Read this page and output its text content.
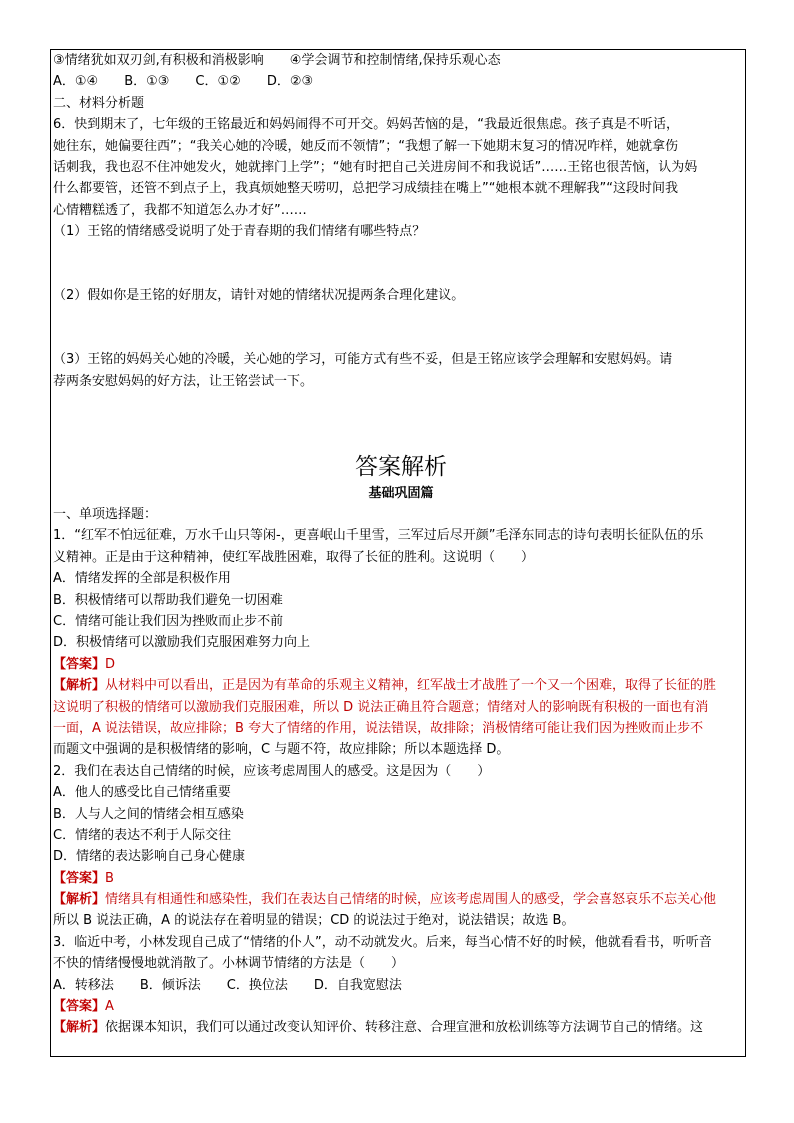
③情绪犹如双刃剑,有积极和消极影响　　④学会调节和控制情绪,保持乐观心态
A．①④　　B．①③　　C．①②　　D．②③
二、材料分析题
6．快到期末了，七年级的王铭最近和妈妈闹得不可开交。妈妈苦恼的是，“我最近很焦虑。孩子真是不听话，
她往东，她偏要往西”；“我关心她的冷暖，她反而不领情”；“我想了解一下她期末复习的情况咋样，她就拿伤
话刺我，我也忍不住冲她发火，她就摔门上学”；“她有时把自己关进房间不和我说话”……王铭也很苦恼，认为妈
什么都要管，还管不到点子上，我真烦她整天唠叨，总把学习成绩挂在嘴上”“她根本就不理解我”“这段时间我
心情糟糕透了，我都不知道怎么办才好”……
（1）王铭的情绪感受说明了处于青春期的我们情绪有哪些特点？
（2）假如你是王铭的好朋友，请针对她的情绪状况提两条合理化建议。
（3）王铭的妈妈关心她的冷暖，关心她的学习，可能方式有些不妥，但是王铭应该学会理解和安慰妈妈。请
荐两条安慰妈妈的好方法，让王铭尝试一下。
答案解析
基础巩固篇
一、单项选择题：
1．“红军不怕远征难，万水千山只等闲-，更喜岷山千里雪，三军过后尽开颜”毛泽东同志的诗句表明长征队伍的乐
义精神。正是由于这种精神，使红军战胜困难，取得了长征的胜利。这说明（　　）
A．情绪发挥的全部是积极作用
B．积极情绪可以帮助我们避免一切困难
C．情绪可能让我们因为挫败而止步不前
D．积极情绪可以激励我们克服困难努力向上
【答案】D
【解析】从材料中可以看出，正是因为有革命的乐观主义精神，红军战士才战胜了一个又一个困难，取得了长征的胜
这说明了积极的情绪可以激励我们克服困难，所以 D 说法正确且符合题意；情绪对人的影响既有积极的一面也有消
一面，A 说法错误，故应排除；B 夸大了情绪的作用，说法错误，故排除；消极情绪可能让我们因为挫败而止步不
而题文中强调的是积极情绪的影响，C 与题不符，故应排除；所以本题选择 D。
2．我们在表达自己情绪的时候，应该考虑周围人的感受。这是因为（　　）
A．他人的感受比自己情绪重要
B．人与人之间的情绪会相互感染
C．情绪的表达不利于人际交往
D．情绪的表达影响自己身心健康
【答案】B
【解析】情绪具有相通性和感染性，我们在表达自己情绪的时候，应该考虑周围人的感受，学会喜怒哀乐不忘关心他
所以 B 说法正确，A 的说法存在着明显的错误；CD 的说法过于绝对，说法错误；故选 B。
3．临近中考，小林发现自己成了“情绪的仆人”，动不动就发火。后来，每当心情不好的时候，他就看看书，听听音
不快的情绪慢慢地就消散了。小林调节情绪的方法是（　　）
A．转移法　　B．倾诉法　　C．换位法　　D．自我宽慰法
【答案】A
【解析】依据课本知识，我们可以通过改变认知评价、转移注意、合理宣泄和放松训练等方法调节自己的情绪。这
